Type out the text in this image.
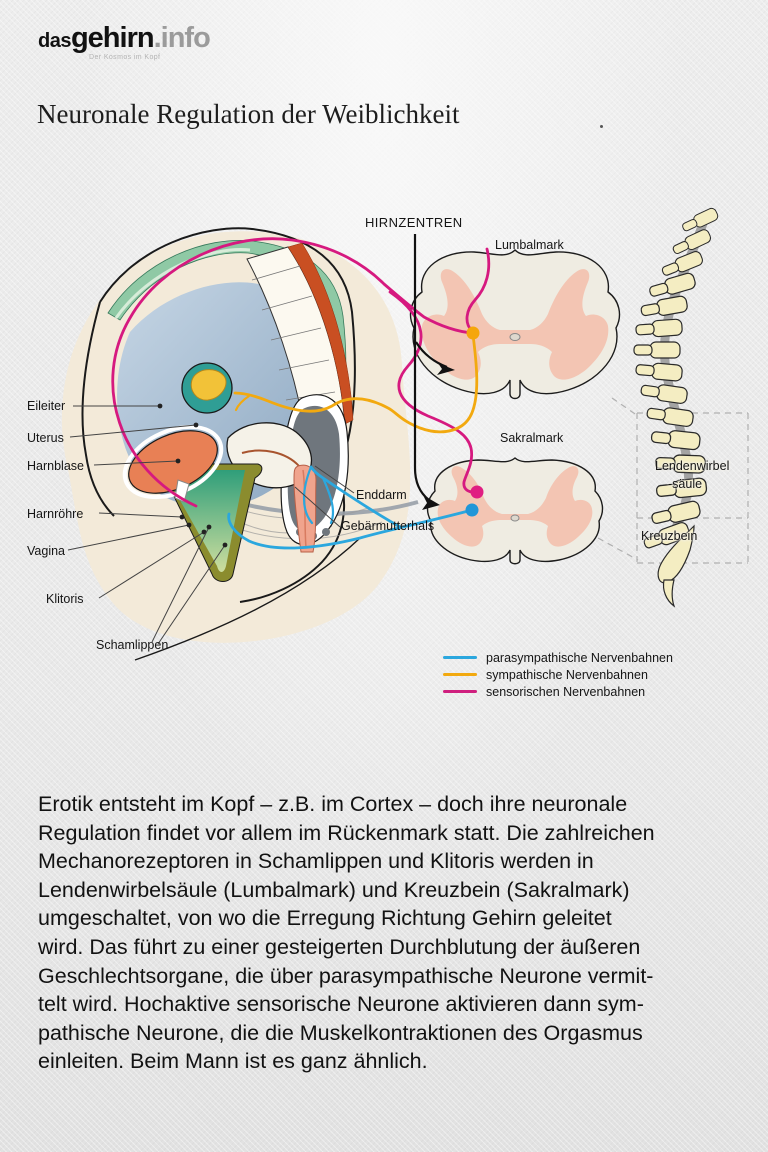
dasgehirn.info
Der Kosmos im Kopf
Neuronale Regulation der Weiblichkeit
HIRNZENTREN
Lumbalmark
Sakralmark
Eileiter
Uterus
Harnblase
Harnröhre
Vagina
Klitoris
Schamlippen
Enddarm
Gebärmutterhals
Lendenwirbel
-säule
Kreuzbein
parasympathische Nervenbahnen
sympathische Nervenbahnen
sensorischen Nervenbahnen
Erotik entsteht im Kopf – z.B. im Cortex – doch ihre neuronale
Regulation findet vor allem im Rückenmark statt. Die zahlreichen
Mechanorezeptoren in Schamlippen und Klitoris werden in
Lendenwirbelsäule (Lumbalmark) und Kreuzbein (Sakralmark)
umgeschaltet, von wo die Erregung Richtung Gehirn geleitet
wird. Das führt zu einer gesteigerten Durchblutung der äußeren
Geschlechtsorgane, die über parasympathische Neurone vermit-
telt wird. Hochaktive sensorische Neurone aktivieren dann sym-
pathische Neurone, die die Muskelkontraktionen des Orgasmus
einleiten. Beim Mann ist es ganz ähnlich.
